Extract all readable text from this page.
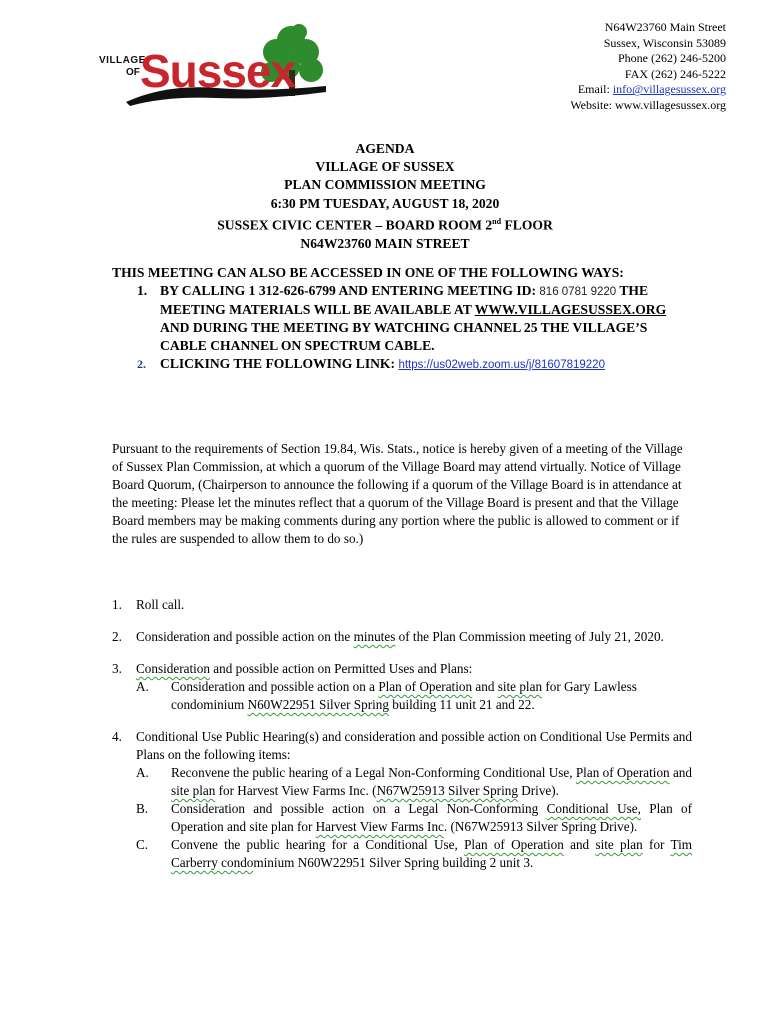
VILLAGE
OF Sussex
N64W23760 Main Street
Sussex, Wisconsin 53089
Phone (262) 246-5200
FAX (262) 246-5222
Email: info@villagesussex.org
Website: www.villagesussex.org
AGENDA
VILLAGE OF SUSSEX
PLAN COMMISSION MEETING
6:30 PM TUESDAY, AUGUST 18, 2020
SUSSEX CIVIC CENTER – BOARD ROOM 2nd FLOOR
N64W23760 MAIN STREET
THIS MEETING CAN ALSO BE ACCESSED IN ONE OF THE FOLLOWING WAYS:
1. BY CALLING 1 312-626-6799 AND ENTERING MEETING ID: 816 0781 9220 THE MEETING MATERIALS WILL BE AVAILABLE AT WWW.VILLAGESUSSEX.ORG AND DURING THE MEETING BY WATCHING CHANNEL 25 THE VILLAGE’S CABLE CHANNEL ON SPECTRUM CABLE.
2. CLICKING THE FOLLOWING LINK: https://us02web.zoom.us/j/81607819220

Pursuant to the requirements of Section 19.84, Wis. Stats., notice is hereby given of a meeting of the Village of Sussex Plan Commission, at which a quorum of the Village Board may attend virtually. Notice of Village Board Quorum, (Chairperson to announce the following if a quorum of the Village Board is in attendance at the meeting: Please let the minutes reflect that a quorum of the Village Board is present and that the Village Board members may be making comments during any portion where the public is allowed to comment or if the rules are suspended to allow them to do so.)

1. Roll call.
2. Consideration and possible action on the minutes of the Plan Commission meeting of July 21, 2020.
3. Consideration and possible action on Permitted Uses and Plans:
A. Consideration and possible action on a Plan of Operation and site plan for Gary Lawless condominium N60W22951 Silver Spring building 11 unit 21 and 22.
4. Conditional Use Public Hearing(s) and consideration and possible action on Conditional Use Permits and Plans on the following items:
A. Reconvene the public hearing of a Legal Non-Conforming Conditional Use, Plan of Operation and site plan for Harvest View Farms Inc. (N67W25913 Silver Spring Drive).
B. Consideration and possible action on a Legal Non-Conforming Conditional Use, Plan of Operation and site plan for Harvest View Farms Inc. (N67W25913 Silver Spring Drive).
C. Convene the public hearing for a Conditional Use, Plan of Operation and site plan for Tim Carberry condominium N60W22951 Silver Spring building 2 unit 3.
